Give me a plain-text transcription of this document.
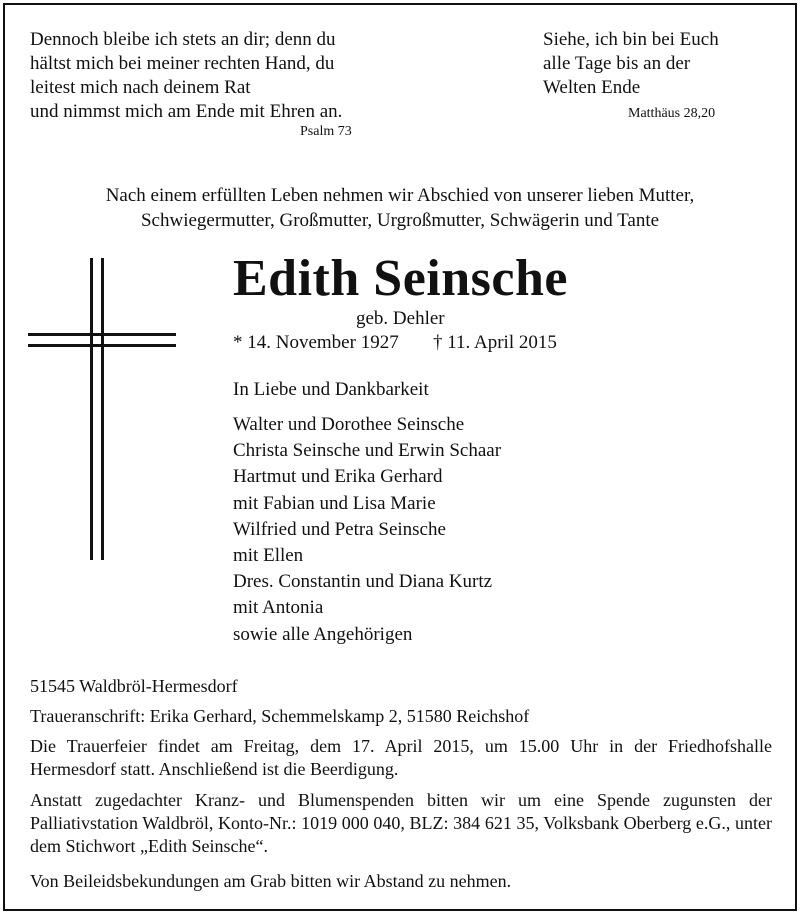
Dennoch bleibe ich stets an dir; denn du
hältst mich bei meiner rechten Hand, du
leitest mich nach deinem Rat
und nimmst mich am Ende mit Ehren an.
Psalm 73
Siehe, ich bin bei Euch
alle Tage bis an der
Welten Ende
Matthäus 28,20
Nach einem erfüllten Leben nehmen wir Abschied von unserer lieben Mutter,
Schwiegermutter, Großmutter, Urgroßmutter, Schwägerin und Tante
Edith Seinsche
geb. Dehler
* 14. November 1927 † 11. April 2015
In Liebe und Dankbarkeit
Walter und Dorothee Seinsche
Christa Seinsche und Erwin Schaar
Hartmut und Erika Gerhard
mit Fabian und Lisa Marie
Wilfried und Petra Seinsche
mit Ellen
Dres. Constantin und Diana Kurtz
mit Antonia
sowie alle Angehörigen
51545 Waldbröl-Hermesdorf
Traueranschrift: Erika Gerhard, Schemmelskamp 2, 51580 Reichshof
Die Trauerfeier findet am Freitag, dem 17. April 2015, um 15.00 Uhr in der Friedhofshalle Hermesdorf statt. Anschließend ist die Beerdigung.
Anstatt zugedachter Kranz- und Blumenspenden bitten wir um eine Spende zugunsten der Palliativstation Waldbröl, Konto-Nr.: 1019 000 040, BLZ: 384 621 35, Volksbank Oberberg e.G., unter dem Stichwort „Edith Seinsche“.
Von Beileidsbekundungen am Grab bitten wir Abstand zu nehmen.
